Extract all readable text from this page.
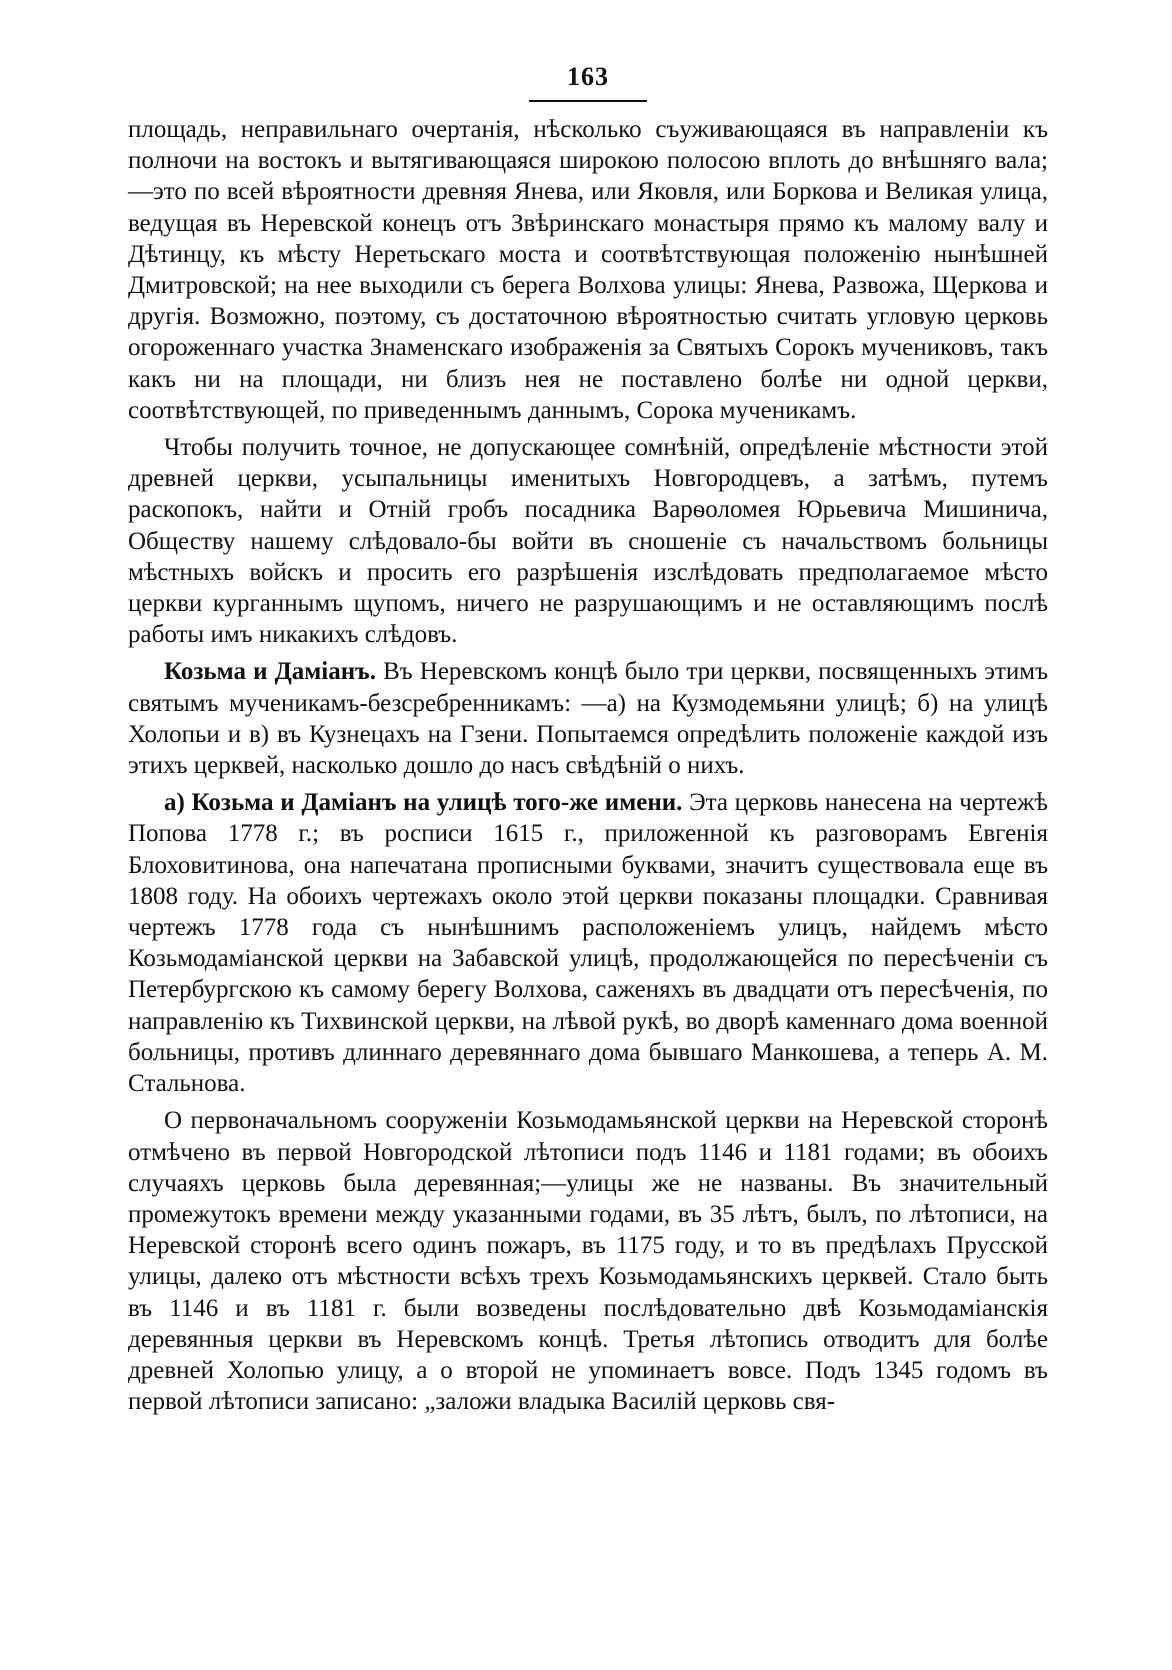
163

площадь, неправильнаго очертанія, нѣсколько съуживающаяся въ направленіи къ полночи на востокъ и вытягивающаяся широкою полосою вплоть до внѣшняго вала;—это по всей вѣроятности древняя Янева, или Яковля, или Боркова и Великая улица, ведущая въ Неревской конецъ отъ Звѣринскаго монастыря прямо къ малому валу и Дѣтинцу, къ мѣсту Неретьскаго моста и соотвѣтствующая положенію нынѣшней Дмитровской; на нее выходили съ берега Волхова улицы: Янева, Развожа, Щеркова и другія. Возможно, поэтому, съ достаточною вѣроятностью считать угловую церковь огороженнаго участка Знаменскаго изображенія за Святыхъ Сорокъ мучениковъ, такъ какъ ни на площади, ни близъ нея не поставлено болѣе ни одной церкви, соотвѣтствующей, по приведеннымъ даннымъ, Сорока мученикамъ.

Чтобы получить точное, не допускающее сомнѣній, опредѣленіе мѣстности этой древней церкви, усыпальницы именитыхъ Новгородцевъ, а затѣмъ, путемъ раскопокъ, найти и Отній гробъ посадника Варѳоломея Юрьевича Мишинича, Обществу нашему слѣдовало-бы войти въ сношеніе съ начальствомъ больницы мѣстныхъ войскъ и просить его разрѣшенія изслѣдовать предполагаемое мѣсто церкви курганнымъ щупомъ, ничего не разрушающимъ и не оставляющимъ послѣ работы имъ никакихъ слѣдовъ.

Козьма и Даміанъ. Въ Неревскомъ концѣ было три церкви, посвященныхъ этимъ святымъ мученикамъ-безсребренникамъ: —а) на Кузмодемьяни улицѣ; б) на улицѣ Холопьи и в) въ Кузнецахъ на Гзени. Попытаемся опредѣлить положеніе каждой изъ этихъ церквей, насколько дошло до насъ свѣдѣній о нихъ.

а) Козьма и Даміанъ на улицѣ того-же имени. Эта церковь нанесена на чертежѣ Попова 1778 г.; въ росписи 1615 г., приложенной къ разговорамъ Евгенія Блоховитинова, она напечатана прописными буквами, значитъ существовала еще въ 1808 году. На обоихъ чертежахъ около этой церкви показаны площадки. Сравнивая чертежъ 1778 года съ нынѣшнимъ расположеніемъ улицъ, найдемъ мѣсто Козьмодаміанской церкви на Забавской улицѣ, продолжающейся по пересѣченіи съ Петербургскою къ самому берегу Волхова, саженяхъ въ двадцати отъ пересѣченія, по направленію къ Тихвинской церкви, на лѣвой рукѣ, во дворѣ каменнаго дома военной больницы, противъ длиннаго деревяннаго дома бывшаго Манкошева, а теперь А. М. Стальнова.

О первоначальномъ сооруженіи Козьмодамьянской церкви на Неревской сторонѣ отмѣчено въ первой Новгородской лѣтописи подъ 1146 и 1181 годами; въ обоихъ случаяхъ церковь была деревянная;—улицы же не названы. Въ значительный промежутокъ времени между указанными годами, въ 35 лѣтъ, былъ, по лѣтописи, на Неревской сторонѣ всего одинъ пожаръ, въ 1175 году, и то въ предѣлахъ Прусской улицы, далеко отъ мѣстности всѣхъ трехъ Козьмодамьянскихъ церквей. Стало быть въ 1146 и въ 1181 г. были возведены послѣдовательно двѣ Козьмодаміанскія деревянныя церкви въ Неревскомъ концѣ. Третья лѣтопись отводитъ для болѣе древней Холопью улицу, а о второй не упоминаетъ вовсе. Подъ 1345 годомъ въ первой лѣтописи записано: „заложи владыка Василій церковь свя-
